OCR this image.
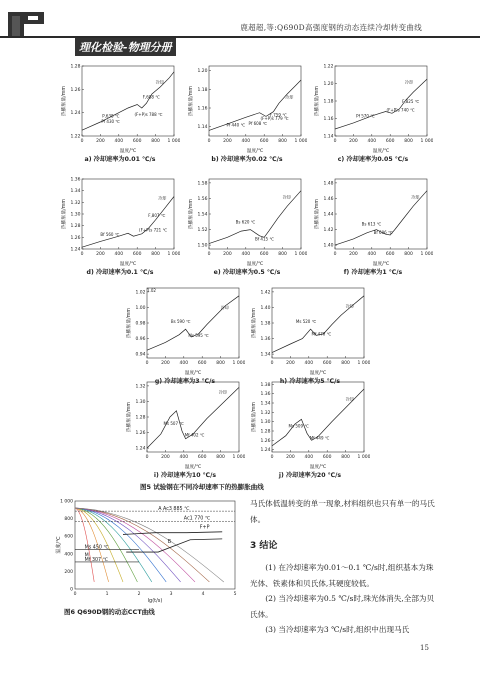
理化检验-物理分册
鹿超超,等:Q690D高强度钢的动态连续冷却转变曲线
0	200 400 600 800 1 000
1.22
1.24
1.26
1.28
温度/℃
热膨胀量/mm
冷却
F,688 ℃
(F+P)s 788 ℃
P,638 ℃
Pf 430 ℃
a) 冷却速率为0.01 ℃/s
0	200 400 600 800 1 000
1.14
1.16
1.18
1.20
温度/℃
热膨胀量/mm	冷却
F,759 ℃
(F+P)s 779 ℃
Pf 608 ℃
Pf 440 ℃
b) 冷却速率为0.02 ℃/s
0	200 400 600 800 1 000
1.14
1.16
1.18
1.20
1.22
温度/℃
热膨胀量/mm
冷却
F,825 ℃
(F+P)s 740 ℃
Pf 570 ℃
c) 冷却速率为0.05 ℃/s
0	200 400 600 800 1 000
1.24
1.26
1.28
1.30
1.32
1.34
1.36
温度/℃
热膨胀量/mm
冷却
F,807 ℃
(F+P)s 721 ℃
Bf 560 ℃
d) 冷却速率为0.1 ℃/s
0	200 400 600 800 1 000
1.50
1.52
1.54
1.56
1.58
温度/℃
热膨胀量/mm
冷却
Bs 620 ℃
Bf 415 ℃
e) 冷却速率为0.5 ℃/s
0	200 400 600 800 1 000
1.40
1.42
1.44
1.46
1.48
温度/℃
热膨胀量/mm
冷却
Bs 613 ℃
Bf 606 ℃
f) 冷却速率为1 ℃/s
0	200 400 600 800 1 000
0.94
0.96
0.98
1.00
1.02
温度/℃
热膨胀量/mm
冷却
Bs 590 ℃
Ms 595 ℃
1.02
g) 冷却速率为3 ℃/s
0	200 400 600 800 1 000
1.34
1.36
1.38
1.40
1.42
温度/℃
热膨胀量/mm
冷却
Ms 520 ℃
Mf 470 ℃
h) 冷却速率为5 ℃/s
0	200 400 600 800 1 000
1.24
1.26
1.28
1.30
1.32
温度/℃
热膨胀量/mm
冷却
Ms 507 ℃
Mf 402 ℃
i) 冷却速率为10 ℃/s
0	200 400 600 800 1 000
1.24
1.26
1.28
1.30
1.32
1.34
1.36
1.38
温度/℃
热膨胀量/mm
冷却
Ms 509 ℃
Mf 449 ℃
j) 冷却速率为20 ℃/s
图5 试验钢在不同冷却速率下的热膨胀曲线
0
200
400
600
800
1 000
0	1	2	3	4	5
lg(t/s)
温度/℃
A Ac3 885 ℃
Ac1 770 ℃
F+P
B
Ms 450 ℃
Mf 307 ℃
M
图6 Q690D钢的动态CCT曲线

马氏体低温转变的单一现象,材料组织也只有单一的马氏体。

3 结论

(1) 在冷却速率为0.01～0.1 ℃/s时,组织基本为珠光体、铁素体和贝氏体,其硬度较低。

(2) 当冷却速率为0.5 ℃/s时,珠光体消失,全部为贝氏体。

(3) 当冷却速率为3 ℃/s时,组织中出现马氏

15
